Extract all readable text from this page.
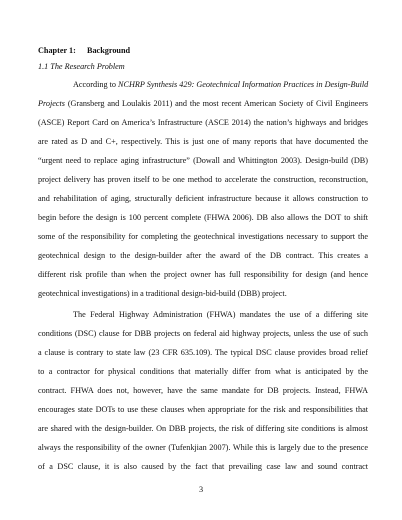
Chapter 1: Background
1.1 The Research Problem
According to NCHRP Synthesis 429: Geotechnical Information Practices in Design-Build
Projects (Gransberg and Loulakis 2011) and the most recent American Society of Civil Engineers
(ASCE) Report Card on America’s Infrastructure (ASCE 2014) the nation’s highways and bridges
are rated as D and C+, respectively. This is just one of many reports that have documented the
“urgent need to replace aging infrastructure” (Dowall and Whittington 2003). Design-build (DB)
project delivery has proven itself to be one method to accelerate the construction, reconstruction,
and rehabilitation of aging, structurally deficient infrastructure because it allows construction to
begin before the design is 100 percent complete (FHWA 2006). DB also allows the DOT to shift
some of the responsibility for completing the geotechnical investigations necessary to support the
geotechnical design to the design-builder after the award of the DB contract. This creates a
different risk profile than when the project owner has full responsibility for design (and hence
geotechnical investigations) in a traditional design-bid-build (DBB) project.
The Federal Highway Administration (FHWA) mandates the use of a differing site
conditions (DSC) clause for DBB projects on federal aid highway projects, unless the use of such
a clause is contrary to state law (23 CFR 635.109). The typical DSC clause provides broad relief
to a contractor for physical conditions that materially differ from what is anticipated by the
contract. FHWA does not, however, have the same mandate for DB projects. Instead, FHWA
encourages state DOTs to use these clauses when appropriate for the risk and responsibilities that
are shared with the design-builder. On DBB projects, the risk of differing site conditions is almost
always the responsibility of the owner (Tufenkjian 2007). While this is largely due to the presence
of a DSC clause, it is also caused by the fact that prevailing case law and sound contract
3
